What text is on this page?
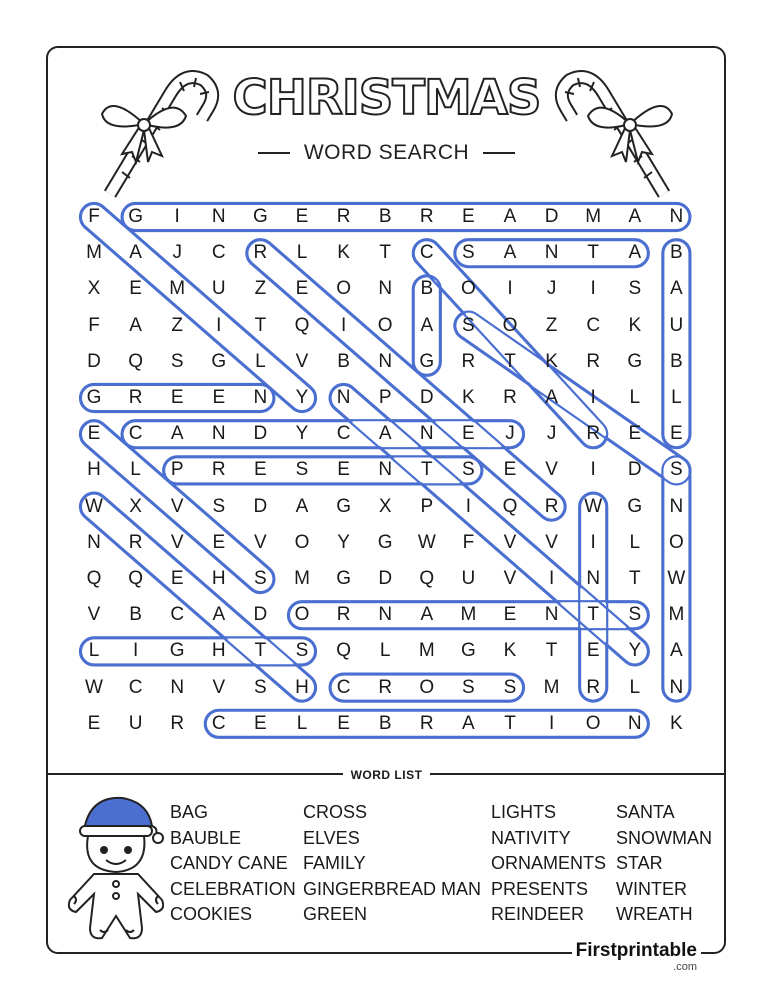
CHRISTMAS
WORD SEARCH
F	G	I	N	G	E	R	B	R	E	A	D	M	A	N
M	A	J	C	R	L	K	T	C	S	A	N	T	A	B
X	E	M	U	Z	E	O	N	B	O	I	J	I	S	A
F	A	Z	I	T	Q	I	O	A	S	O	Z	C	K	U
D	Q	S	G	L	V	B	N	G	R	T	K	R	G	B
G	R	E	E	N	Y	N	P	D	K	R	A	I	L	L
E	C	A	N	D	Y	C	A	N	E	J	J	R	E	E
H	L	P	R	E	S	E	N	T	S	E	V	I	D	S
W	X	V	S	D	A	G	X	P	I	Q	R	W	G	N
N	R	V	E	V	O	Y	G	W	F	V	V	I	L	O
Q	Q	E	H	S	M	G	D	Q	U	V	I	N	T	W
V	B	C	A	D	O	R	N	A	M	E	N	T	S	M
L	I	G	H	T	S	Q	L	M	G	K	T	E	Y	A
W	C	N	V	S	H	C	R	O	S	S	M	R	L	N
E	U	R	C	E	L	E	B	R	A	T	I	O	N	K
WORD LIST
BAG
BAUBLE
CANDY CANE
CELEBRATION
COOKIES
CROSS
ELVES
FAMILY
GINGERBREAD MAN
GREEN
LIGHTS
NATIVITY
ORNAMENTS
PRESENTS
REINDEER
SANTA
SNOWMAN
STAR
WINTER
WREATH
Firstprintable
.com
